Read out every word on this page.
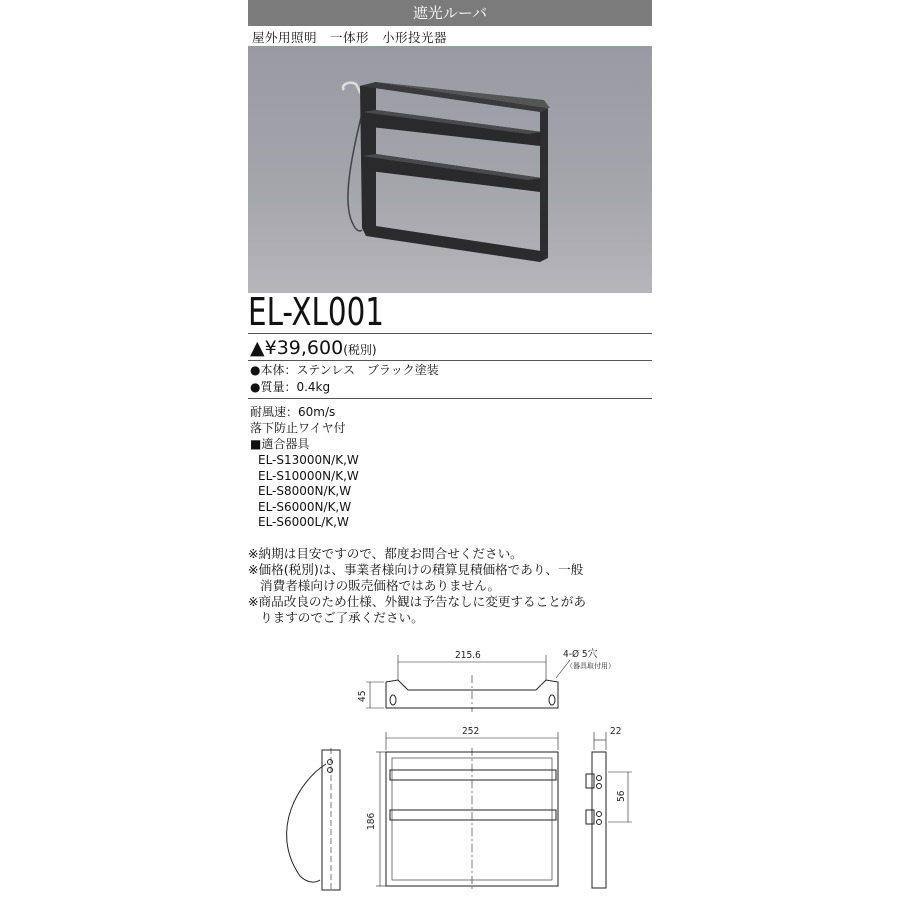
遮光ルーバ
屋外用照明　一体形　小形投光器
EL-XL001
▲¥39,600(税別)
●本体：ステンレス　ブラック塗装
●質量：0.4kg
耐風速：60m/s
落下防止ワイヤ付
■適合器具
EL-S13000N/K,W
EL-S10000N/K,W
EL-S8000N/K,W
EL-S6000N/K,W
EL-S6000L/K,W
※納期は目安ですので、都度お問合せください。
※価格(税別)は、事業者様向けの積算見積価格であり、一般
消費者様向けの販売価格ではありません。
※商品改良のため仕様、外観は予告なしに変更することがあ
りますのでご了承ください。
215.6	4-Ø 5穴
（器具取付用）
45
252	22
186
56
